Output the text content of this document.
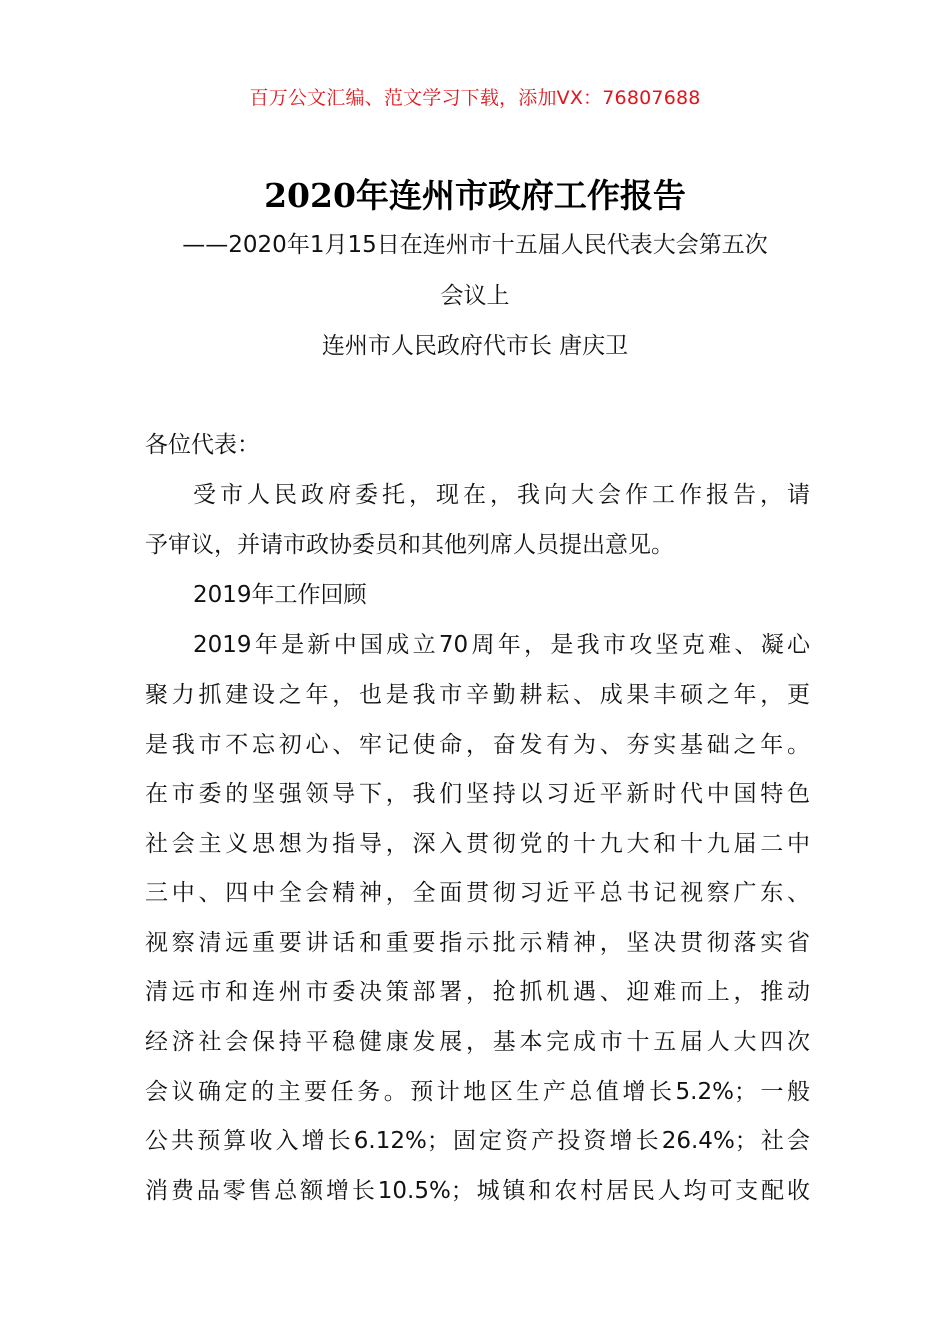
百万公文汇编、范文学习下载，添加VX：76807688
2020年连州市政府工作报告
——2020年1月15日在连州市十五届人民代表大会第五次
会议上
连州市人民政府代市长 唐庆卫
各位代表：
受市人民政府委托，现在，我向大会作工作报告，请
予审议，并请市政协委员和其他列席人员提出意见。
2019年工作回顾
2019年是新中国成立70周年，是我市攻坚克难、凝心
聚力抓建设之年，也是我市辛勤耕耘、成果丰硕之年，更
是我市不忘初心、牢记使命，奋发有为、夯实基础之年。
在市委的坚强领导下，我们坚持以习近平新时代中国特色
社会主义思想为指导，深入贯彻党的十九大和十九届二中
三中、四中全会精神，全面贯彻习近平总书记视察广东、
视察清远重要讲话和重要指示批示精神，坚决贯彻落实省
清远市和连州市委决策部署，抢抓机遇、迎难而上，推动
经济社会保持平稳健康发展，基本完成市十五届人大四次
会议确定的主要任务。预计地区生产总值增长5.2%；一般
公共预算收入增长6.12%；固定资产投资增长26.4%；社会
消费品零售总额增长10.5%；城镇和农村居民人均可支配收
